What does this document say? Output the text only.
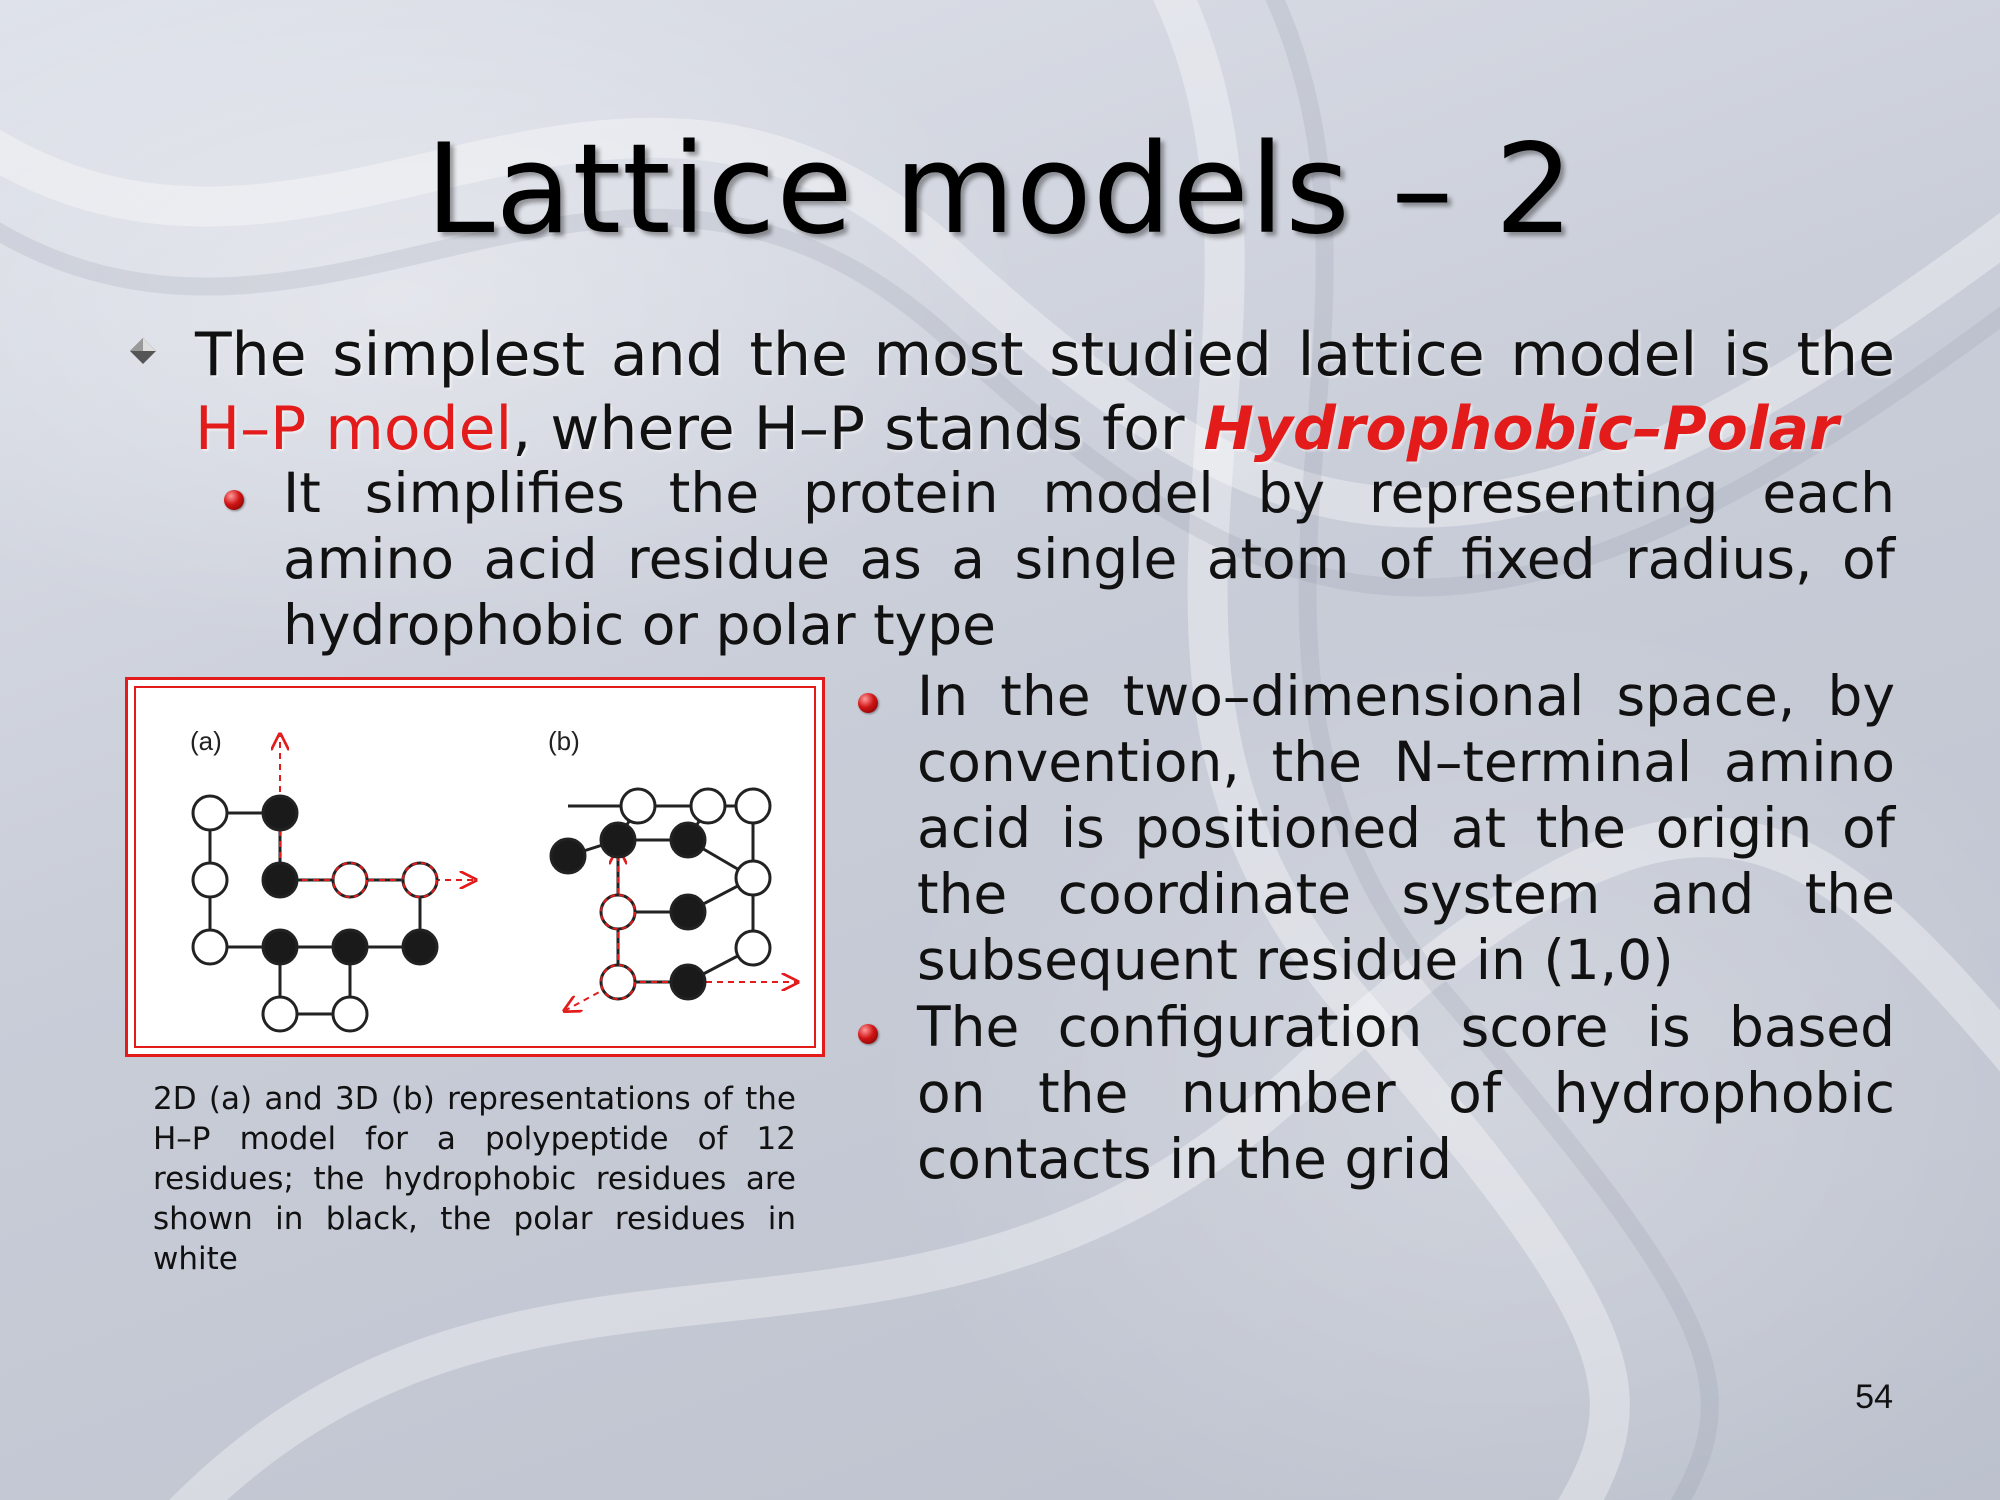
Lattice models – 2
The simplest and the most studied lattice model is the H–P model, where H–P stands for Hydrophobic–Polar
It simplifies the protein model by representing each amino acid residue as a single atom of fixed radius, of hydrophobic or polar type
In the two–dimensional space, by convention, the N–terminal amino acid is positioned at the origin of the coordinate system and the subsequent residue in (1,0)
The configuration score is based on the number of hydrophobic contacts in the grid
(a)	(b)
2D (a) and 3D (b) representations of the H–P model for a polypeptide of 12 residues; the hydrophobic residues are shown in black, the polar residues in white
54
